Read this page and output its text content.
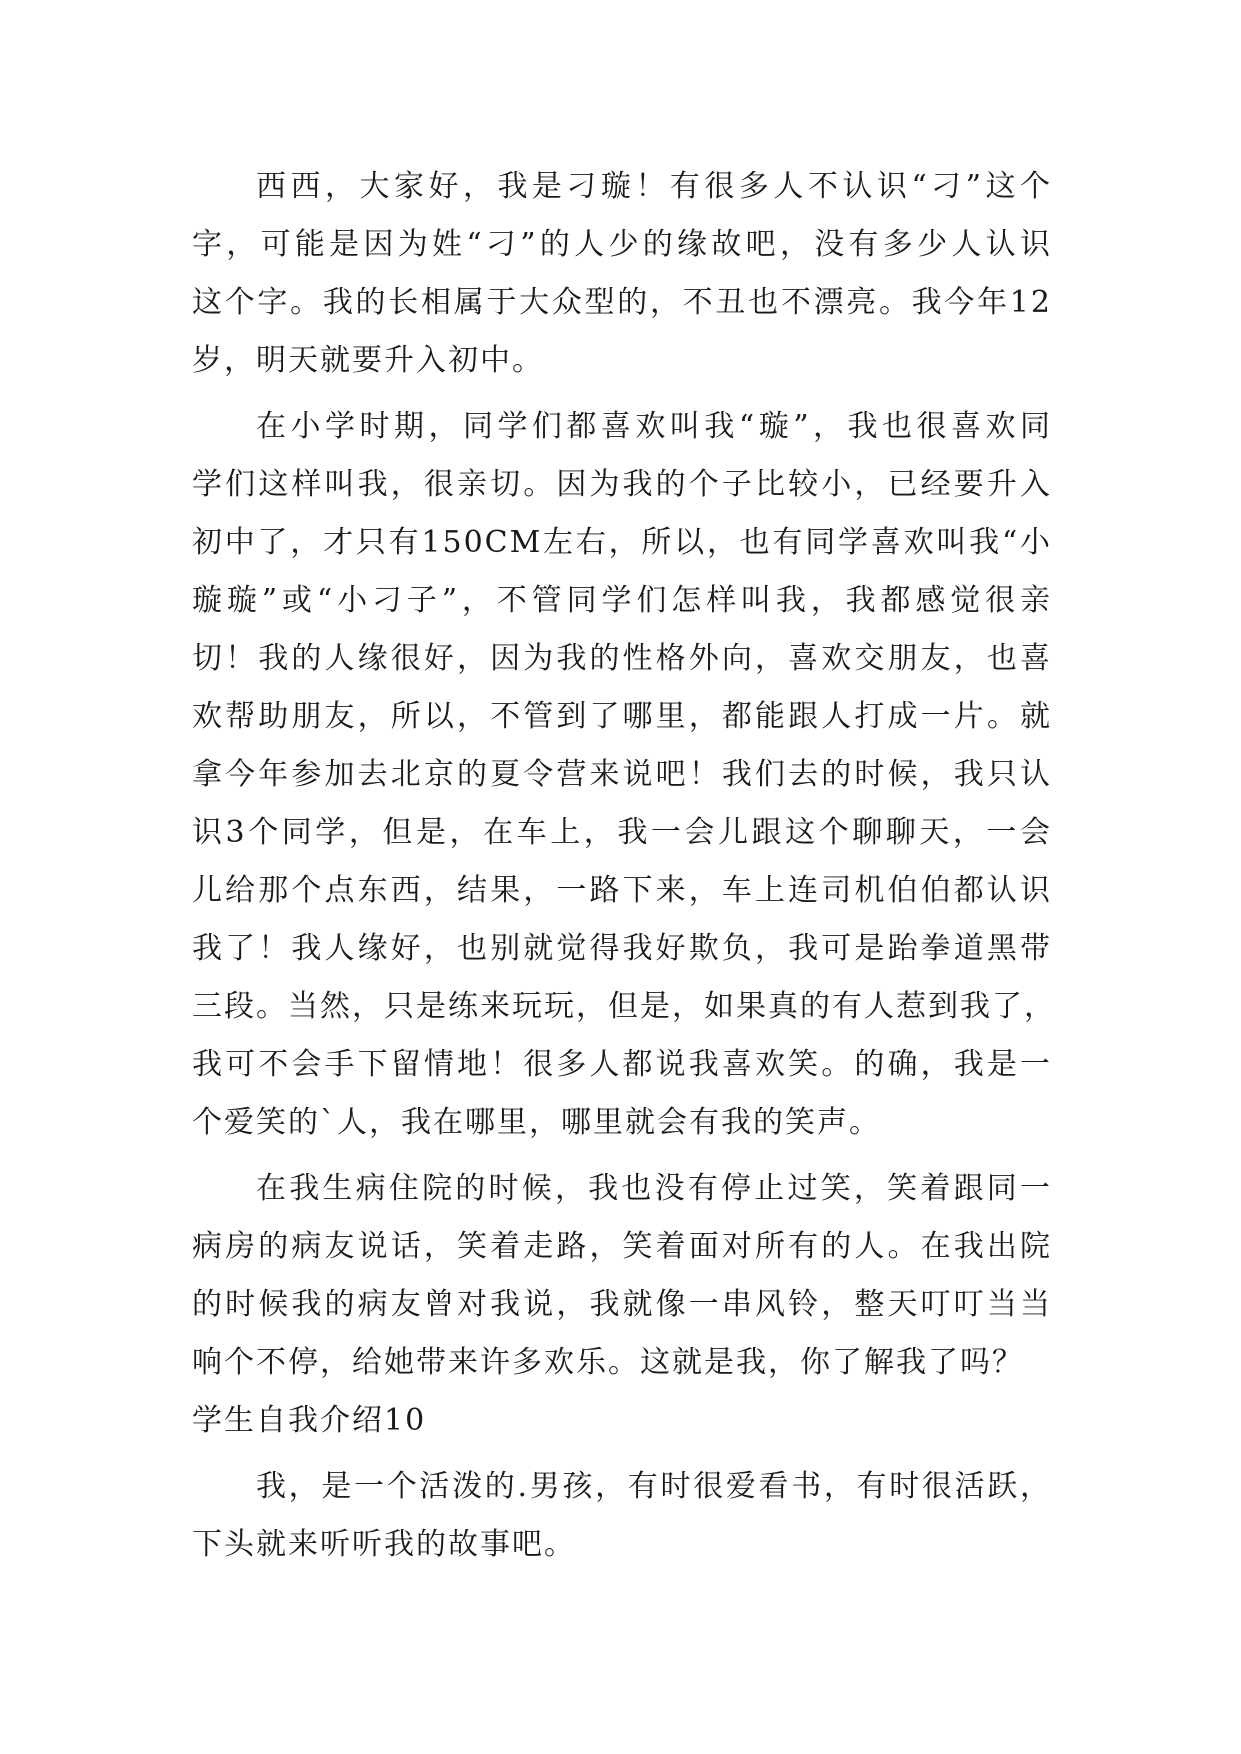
西西，大家好，我是刁璇！有很多人不认识“刁”这个
字，可能是因为姓“刁”的人少的缘故吧，没有多少人认识
这个字。我的长相属于大众型的，不丑也不漂亮。我今年12
岁，明天就要升入初中。
在小学时期，同学们都喜欢叫我“璇”，我也很喜欢同
学们这样叫我，很亲切。因为我的个子比较小，已经要升入
初中了，才只有150CM左右，所以，也有同学喜欢叫我“小
璇璇”或“小刁子”，不管同学们怎样叫我，我都感觉很亲
切！我的人缘很好，因为我的性格外向，喜欢交朋友，也喜
欢帮助朋友，所以，不管到了哪里，都能跟人打成一片。就
拿今年参加去北京的夏令营来说吧！我们去的时候，我只认
识3个同学，但是，在车上，我一会儿跟这个聊聊天，一会
儿给那个点东西，结果，一路下来，车上连司机伯伯都认识
我了！我人缘好，也别就觉得我好欺负，我可是跆拳道黑带
三段。当然，只是练来玩玩，但是，如果真的有人惹到我了，
我可不会手下留情地！很多人都说我喜欢笑。的确，我是一
个爱笑的`人，我在哪里，哪里就会有我的笑声。
在我生病住院的时候，我也没有停止过笑，笑着跟同一
病房的病友说话，笑着走路，笑着面对所有的人。在我出院
的时候我的病友曾对我说，我就像一串风铃，整天叮叮当当
响个不停，给她带来许多欢乐。这就是我，你了解我了吗？
学生自我介绍10
我，是一个活泼的.男孩，有时很爱看书，有时很活跃，
下头就来听听我的故事吧。
